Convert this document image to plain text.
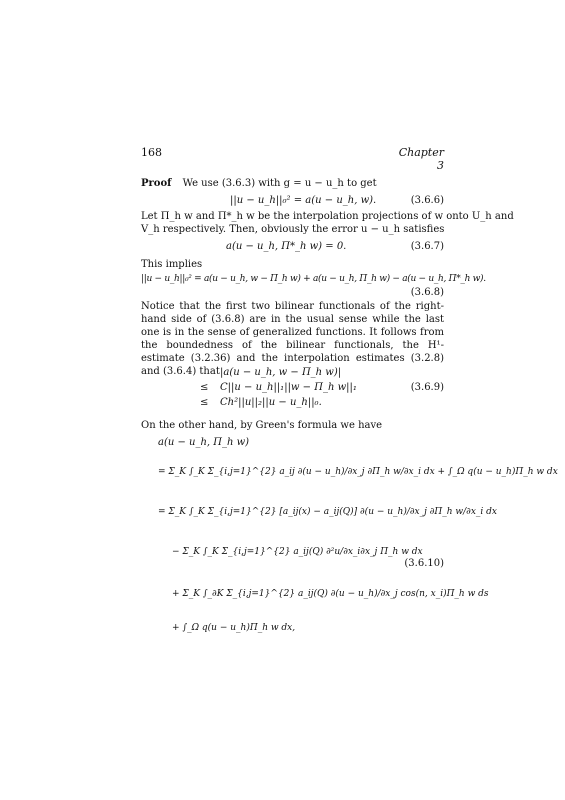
168	Chapter 3
Proof We use (3.6.3) with g = u − u_h to get
||u − u_h||₀² = a(u − u_h, w).	(3.6.6)
Let Π_h w and Π*_h w be the interpolation projections of w onto U_h and
V_h respectively. Then, obviously the error u − u_h satisfies
a(u − u_h, Π*_h w) = 0.	(3.6.7)
This implies
||u − u_h||₀² = a(u − u_h, w − Π_h w) + a(u − u_h, Π_h w) − a(u − u_h, Π*_h w).
(3.6.8)
Notice that the first two bilinear functionals of the right-hand side of (3.6.8) are in the usual sense while the last one is in the sense of generalized functions. It follows from the boundedness of the bilinear functionals, the H¹-estimate (3.2.36) and the interpolation estimates (3.2.8) and (3.6.4) that |a(u − u_h, w − Π_h w)|
≤ C||u − u_h||₁||w − Π_h w||₁	(3.6.9)
≤ Ch²||u||₂||u − u_h||₀.
On the other hand, by Green's formula we have
a(u − u_h, Π_h w)
= Σ_K ∫_K Σ_{i,j=1}^{2} a_ij ∂(u − u_h)/∂x_j ∂Π_h w/∂x_i dx + ∫_Ω q(u − u_h)Π_h w dx
= Σ_K ∫_K Σ_{i,j=1}^{2} [a_ij(x) − a_ij(Q)] ∂(u − u_h)/∂x_j ∂Π_h w/∂x_i dx
− Σ_K ∫_K Σ_{i,j=1}^{2} a_ij(Q) ∂²u/∂x_i∂x_j Π_h w dx
(3.6.10)
+ Σ_K ∫_∂K Σ_{i,j=1}^{2} a_ij(Q) ∂(u − u_h)/∂x_j cos(n, x_i)Π_h w ds
+ ∫_Ω q(u − u_h)Π_h w dx,
